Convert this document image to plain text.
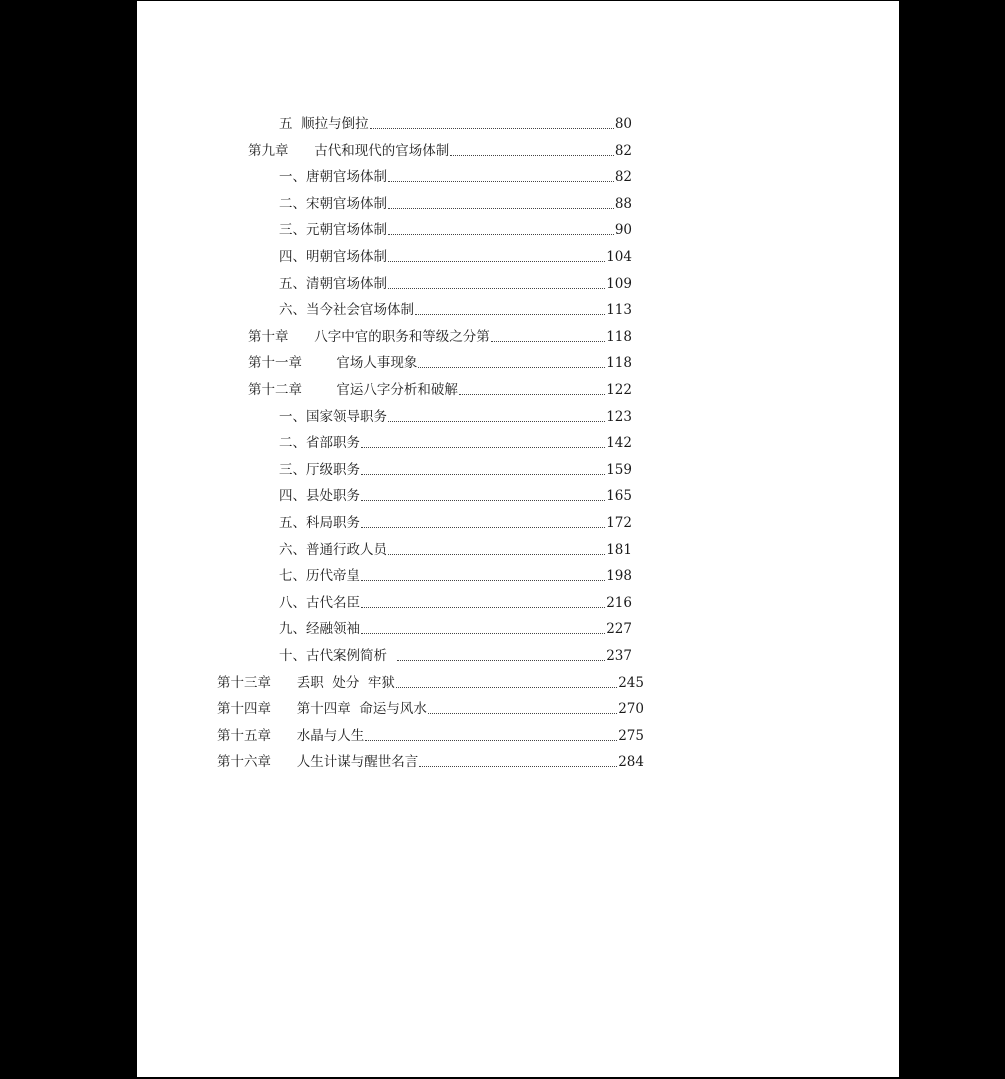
五  顺拉与倒拉	80
第九章      古代和现代的官场体制	82
一、唐朝官场体制	82
二、宋朝官场体制	88
三、元朝官场体制	90
四、明朝官场体制	104
五、清朝官场体制	109
六、当今社会官场体制	113
第十章      八字中官的职务和等级之分第	118
第十一章        官场人事现象	118
第十二章        官运八字分析和破解	122
一、国家领导职务	123
二、省部职务	142
三、厅级职务	159
四、县处职务	165
五、科局职务	172
六、普通行政人员	181
七、历代帝皇	198
八、古代名臣	216
九、经融领袖	227
十、古代案例简析	237
第十三章      丢职  处分  牢狱	245
第十四章      第十四章  命运与风水	270
第十五章      水晶与人生	275
第十六章      人生计谋与醒世名言	284
